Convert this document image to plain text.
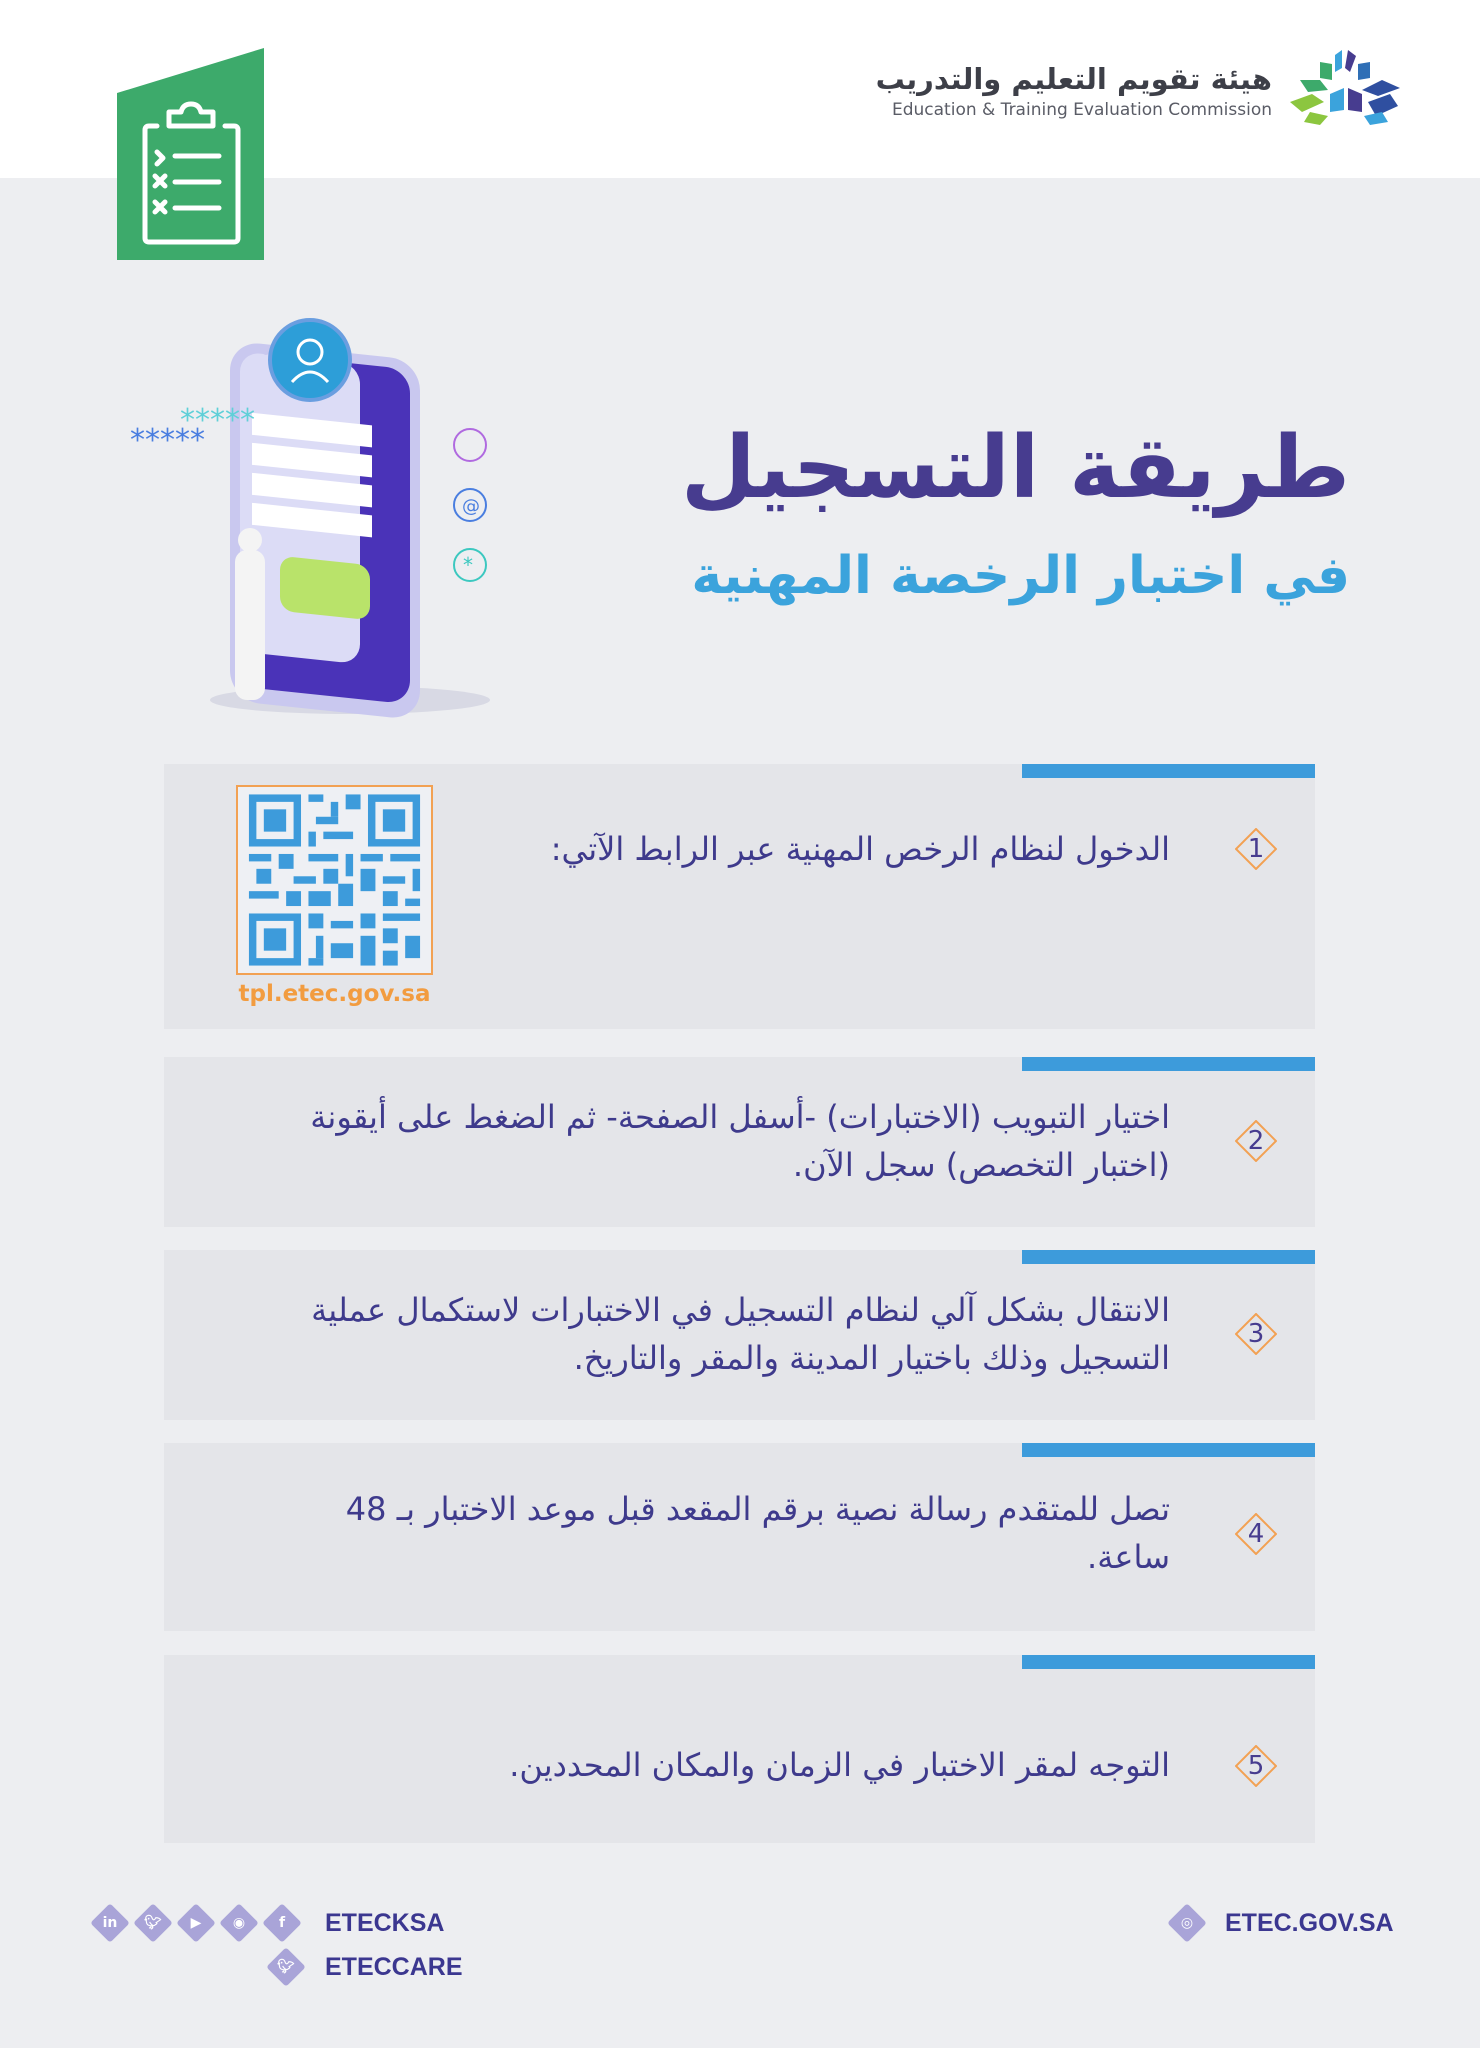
هيئة تقويم التعليم والتدريب
Education & Training Evaluation Commission
*****
*****
@
*
طريقة التسجيل
في اختبار الرخصة المهنية
1
الدخول لنظام الرخص المهنية عبر الرابط الآتي:
tpl.etec.gov.sa
2
اختيار التبويب (الاختبارات) -أسفل الصفحة- ثم الضغط على أيقونة (اختبار التخصص) سجل الآن.
3
الانتقال بشكل آلي لنظام التسجيل في الاختبارات لاستكمال عملية التسجيل وذلك باختيار المدينة والمقر والتاريخ.
4
تصل للمتقدم رسالة نصية برقم المقعد قبل موعد الاختبار بـ 48 ساعة.
5
التوجه لمقر الاختبار في الزمان والمكان المحددين.
in	🐦︎	▶	◉	f	ETECKSA
🐦︎	ETECCARE
◎	ETEC.GOV.SA
